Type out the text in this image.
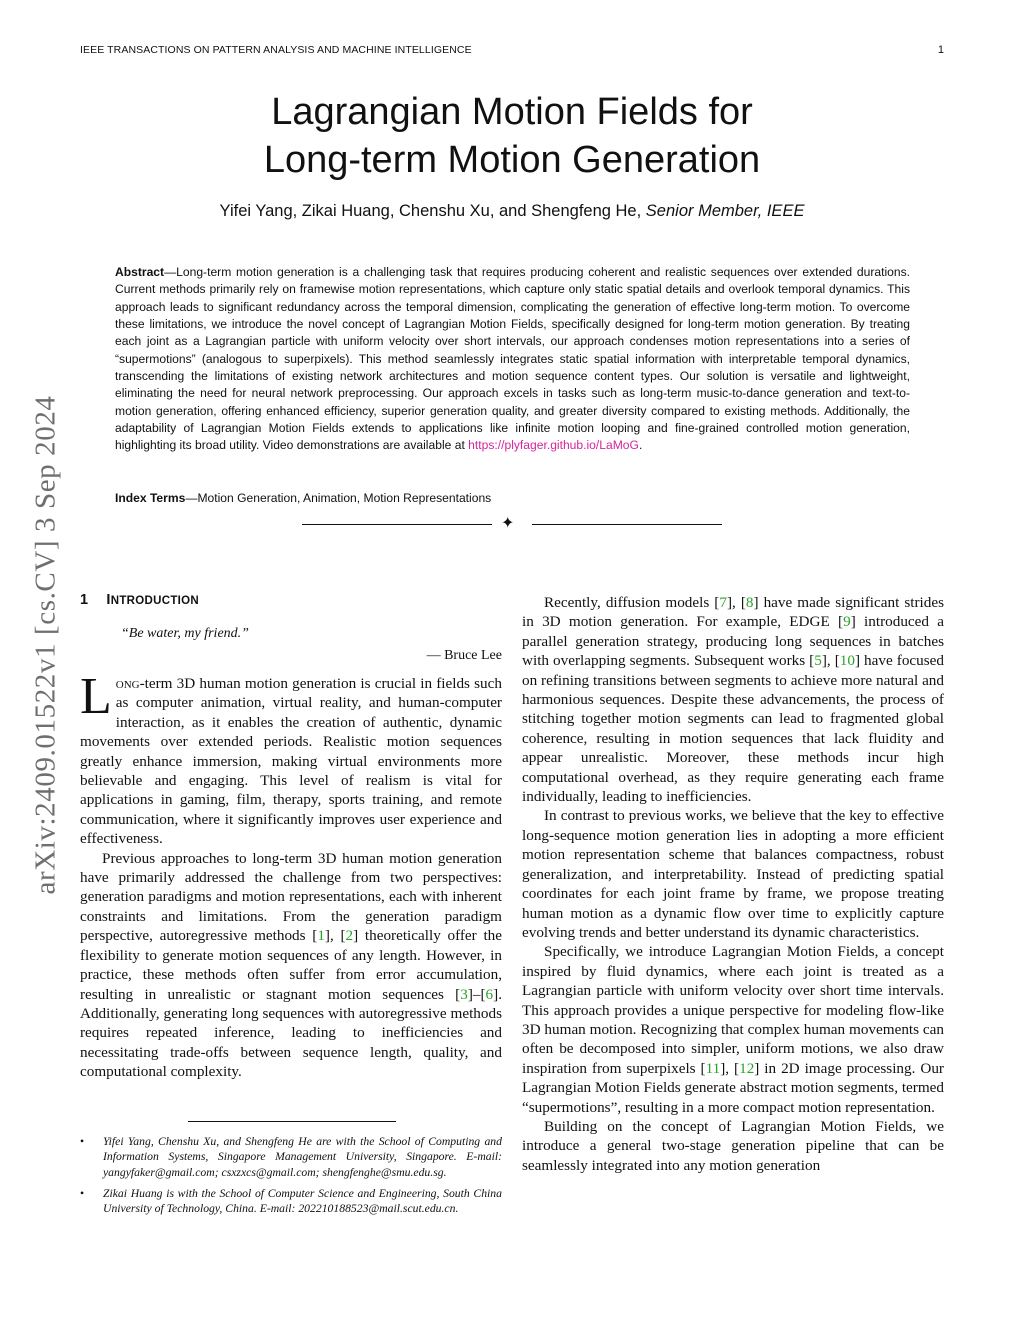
IEEE TRANSACTIONS ON PATTERN ANALYSIS AND MACHINE INTELLIGENCE	1
arXiv:2409.01522v1 [cs.CV] 3 Sep 2024
Lagrangian Motion Fields for
Long-term Motion Generation
Yifei Yang, Zikai Huang, Chenshu Xu, and Shengfeng He, Senior Member, IEEE
Abstract—Long-term motion generation is a challenging task that requires producing coherent and realistic sequences over extended durations. Current methods primarily rely on framewise motion representations, which capture only static spatial details and overlook temporal dynamics. This approach leads to significant redundancy across the temporal dimension, complicating the generation of effective long-term motion. To overcome these limitations, we introduce the novel concept of Lagrangian Motion Fields, specifically designed for long-term motion generation. By treating each joint as a Lagrangian particle with uniform velocity over short intervals, our approach condenses motion representations into a series of “supermotions” (analogous to superpixels). This method seamlessly integrates static spatial information with interpretable temporal dynamics, transcending the limitations of existing network architectures and motion sequence content types. Our solution is versatile and lightweight, eliminating the need for neural network preprocessing. Our approach excels in tasks such as long-term music-to-dance generation and text-to-motion generation, offering enhanced efficiency, superior generation quality, and greater diversity compared to existing methods. Additionally, the adaptability of Lagrangian Motion Fields extends to applications like infinite motion looping and fine-grained controlled motion generation, highlighting its broad utility. Video demonstrations are available at https://plyfager.github.io/LaMoG.
Index Terms—Motion Generation, Animation, Motion Representations
✦
1 INTRODUCTION
“Be water, my friend.”
— Bruce Lee

Long-term 3D human motion generation is crucial in fields such as computer animation, virtual reality, and human-computer interaction, as it enables the creation of authentic, dynamic movements over extended periods. Realistic motion sequences greatly enhance immersion, making virtual environments more believable and engaging. This level of realism is vital for applications in gaming, film, therapy, sports training, and remote communication, where it significantly improves user experience and effectiveness.

Previous approaches to long-term 3D human motion generation have primarily addressed the challenge from two perspectives: generation paradigms and motion representations, each with inherent constraints and limitations. From the generation paradigm perspective, autoregressive methods [1], [2] theoretically offer the flexibility to generate motion sequences of any length. However, in practice, these methods often suffer from error accumulation, resulting in unrealistic or stagnant motion sequences [3]–[6]. Additionally, generating long sequences with autoregressive methods requires repeated inference, leading to inefficiencies and necessitating trade-offs between sequence length, quality, and computational complexity.

• Yifei Yang, Chenshu Xu, and Shengfeng He are with the School of Computing and Information Systems, Singapore Management University, Singapore. E-mail: yangyfaker@gmail.com; csxzxcs@gmail.com; shengfenghe@smu.edu.sg.
• Zikai Huang is with the School of Computer Science and Engineering, South China University of Technology, China. E-mail: 202210188523@mail.scut.edu.cn.

Recently, diffusion models [7], [8] have made significant strides in 3D motion generation. For example, EDGE [9] introduced a parallel generation strategy, producing long sequences in batches with overlapping segments. Subsequent works [5], [10] have focused on refining transitions between segments to achieve more natural and harmonious sequences. Despite these advancements, the process of stitching together motion segments can lead to fragmented global coherence, resulting in motion sequences that lack fluidity and appear unrealistic. Moreover, these methods incur high computational overhead, as they require generating each frame individually, leading to inefficiencies.

In contrast to previous works, we believe that the key to effective long-sequence motion generation lies in adopting a more efficient motion representation scheme that balances compactness, robust generalization, and interpretability. Instead of predicting spatial coordinates for each joint frame by frame, we propose treating human motion as a dynamic flow over time to explicitly capture evolving trends and better understand its dynamic characteristics.

Specifically, we introduce Lagrangian Motion Fields, a concept inspired by fluid dynamics, where each joint is treated as a Lagrangian particle with uniform velocity over short time intervals. This approach provides a unique perspective for modeling flow-like 3D human motion. Recognizing that complex human movements can often be decomposed into simpler, uniform motions, we also draw inspiration from superpixels [11], [12] in 2D image processing. Our Lagrangian Motion Fields generate abstract motion segments, termed “supermotions”, resulting in a more compact motion representation.

Building on the concept of Lagrangian Motion Fields, we introduce a general two-stage generation pipeline that can be seamlessly integrated into any motion generation
